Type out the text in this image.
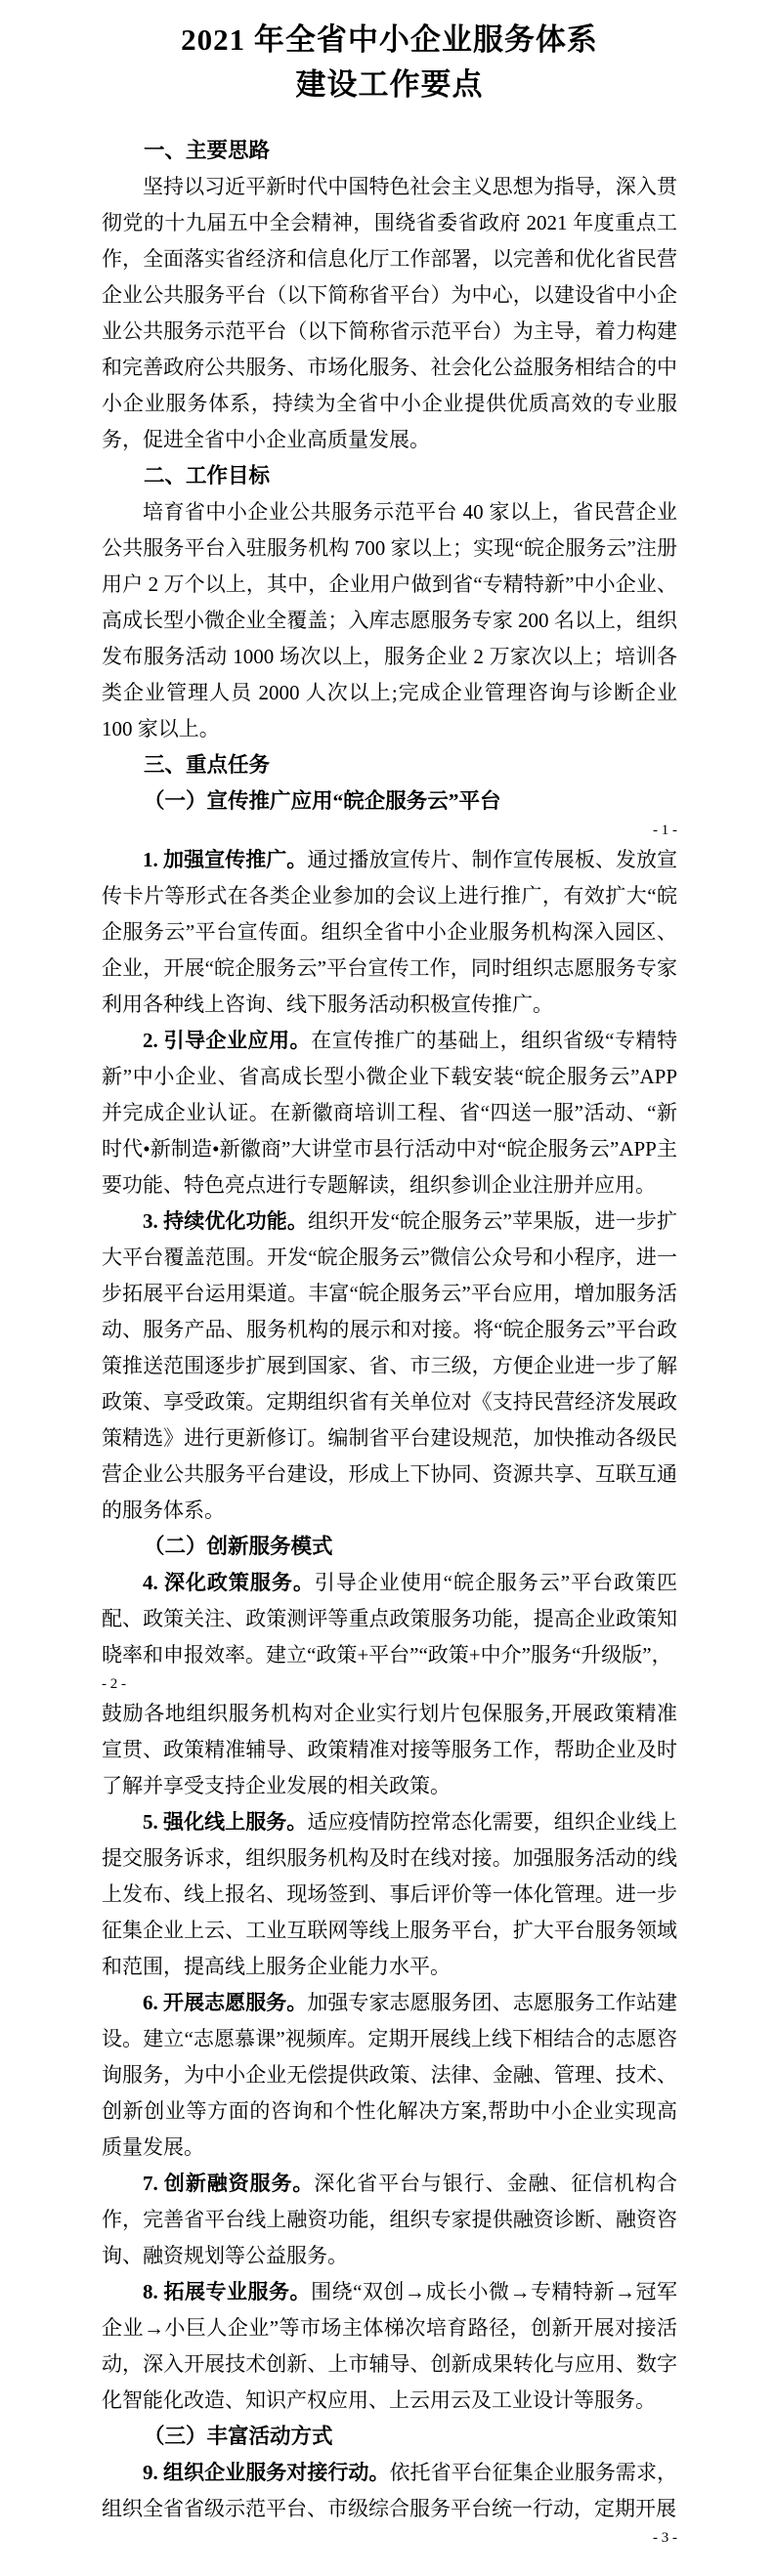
2021 年全省中小企业服务体系
建设工作要点
一、主要思路

坚持以习近平新时代中国特色社会主义思想为指导，深入贯彻党的十九届五中全会精神，围绕省委省政府 2021 年度重点工作，全面落实省经济和信息化厅工作部署，以完善和优化省民营企业公共服务平台（以下简称省平台）为中心，以建设省中小企业公共服务示范平台（以下简称省示范平台）为主导，着力构建和完善政府公共服务、市场化服务、社会化公益服务相结合的中小企业服务体系，持续为全省中小企业提供优质高效的专业服务，促进全省中小企业高质量发展。

二、工作目标

培育省中小企业公共服务示范平台 40 家以上，省民营企业公共服务平台入驻服务机构 700 家以上；实现“皖企服务云”注册用户 2 万个以上，其中，企业用户做到省“专精特新”中小企业、高成长型小微企业全覆盖；入库志愿服务专家 200 名以上，组织发布服务活动 1000 场次以上，服务企业 2 万家次以上；培训各类企业管理人员 2000 人次以上;完成企业管理咨询与诊断企业 100 家以上。

三、重点任务
（一）宣传推广应用“皖企服务云”平台
- 1 -

1. 加强宣传推广。通过播放宣传片、制作宣传展板、发放宣传卡片等形式在各类企业参加的会议上进行推广，有效扩大“皖企服务云”平台宣传面。组织全省中小企业服务机构深入园区、企业，开展“皖企服务云”平台宣传工作，同时组织志愿服务专家利用各种线上咨询、线下服务活动积极宣传推广。

2. 引导企业应用。在宣传推广的基础上，组织省级“专精特新”中小企业、省高成长型小微企业下载安装“皖企服务云”APP并完成企业认证。在新徽商培训工程、省“四送一服”活动、“新时代•新制造•新徽商”大讲堂市县行活动中对“皖企服务云”APP主要功能、特色亮点进行专题解读，组织参训企业注册并应用。

3. 持续优化功能。组织开发“皖企服务云”苹果版，进一步扩大平台覆盖范围。开发“皖企服务云”微信公众号和小程序，进一步拓展平台运用渠道。丰富“皖企服务云”平台应用，增加服务活动、服务产品、服务机构的展示和对接。将“皖企服务云”平台政策推送范围逐步扩展到国家、省、市三级，方便企业进一步了解政策、享受政策。定期组织省有关单位对《支持民营经济发展政策精选》进行更新修订。编制省平台建设规范，加快推动各级民营企业公共服务平台建设，形成上下协同、资源共享、互联互通的服务体系。

（二）创新服务模式

4. 深化政策服务。引导企业使用“皖企服务云”平台政策匹配、政策关注、政策测评等重点政策服务功能，提高企业政策知晓率和申报效率。建立“政策+平台”“政策+中介”服务“升级版”，

- 2 -

鼓励各地组织服务机构对企业实行划片包保服务,开展政策精准宣贯、政策精准辅导、政策精准对接等服务工作，帮助企业及时了解并享受支持企业发展的相关政策。

5. 强化线上服务。适应疫情防控常态化需要，组织企业线上提交服务诉求，组织服务机构及时在线对接。加强服务活动的线上发布、线上报名、现场签到、事后评价等一体化管理。进一步征集企业上云、工业互联网等线上服务平台，扩大平台服务领域和范围，提高线上服务企业能力水平。

6. 开展志愿服务。加强专家志愿服务团、志愿服务工作站建设。建立“志愿慕课”视频库。定期开展线上线下相结合的志愿咨询服务，为中小企业无偿提供政策、法律、金融、管理、技术、创新创业等方面的咨询和个性化解决方案,帮助中小企业实现高质量发展。

7. 创新融资服务。深化省平台与银行、金融、征信机构合作，完善省平台线上融资功能，组织专家提供融资诊断、融资咨询、融资规划等公益服务。

8. 拓展专业服务。围绕“双创→成长小微→专精特新→冠军企业→小巨人企业”等市场主体梯次培育路径，创新开展对接活动，深入开展技术创新、上市辅导、创新成果转化与应用、数字化智能化改造、知识产权应用、上云用云及工业设计等服务。

（三）丰富活动方式

9. 组织企业服务对接行动。依托省平台征集企业服务需求，组织全省省级示范平台、市级综合服务平台统一行动，定期开展

- 3 -
